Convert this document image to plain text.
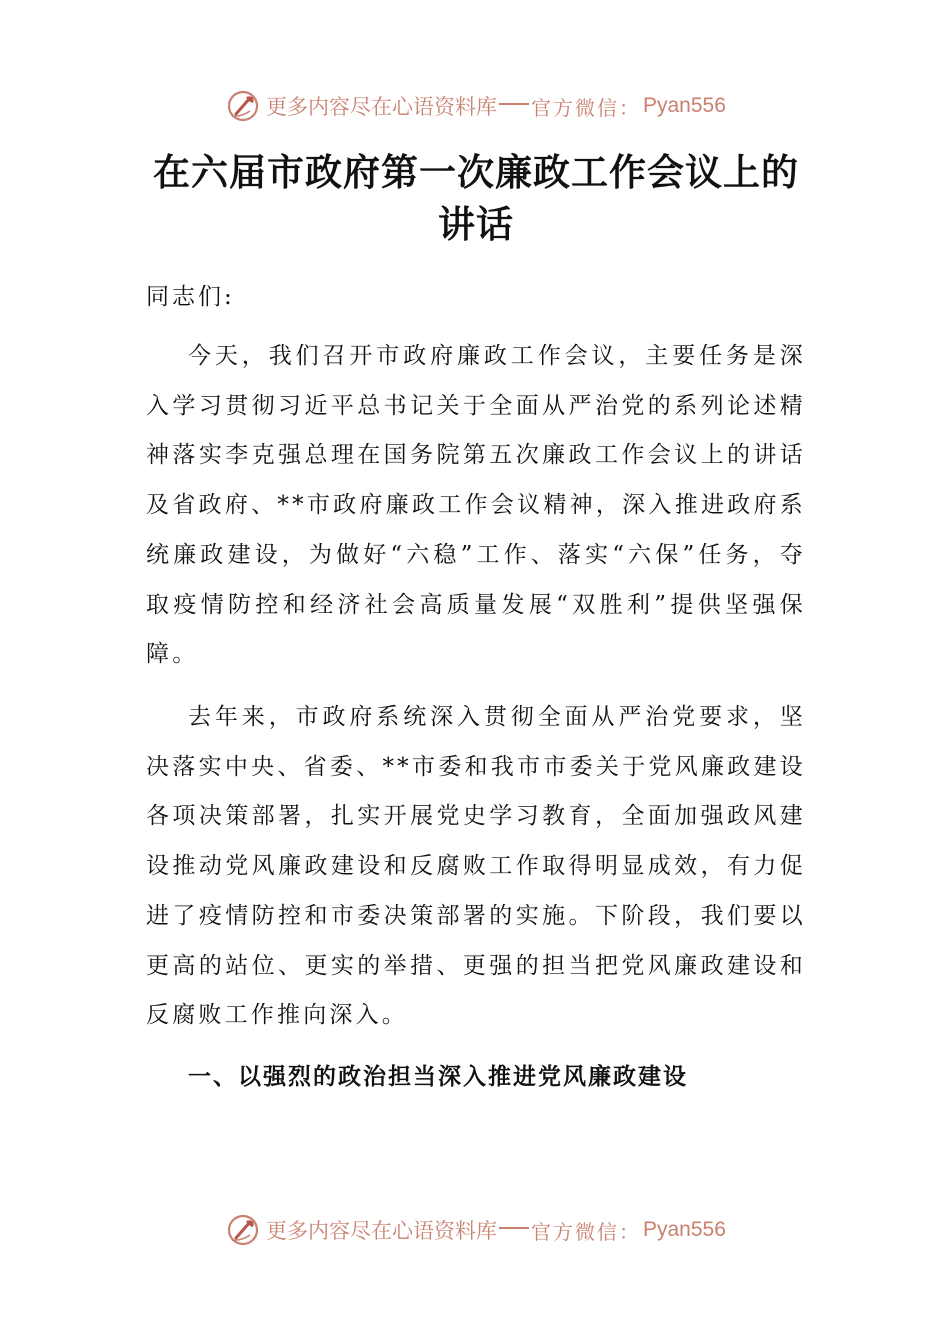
更多内容尽在心语资料库 官方微信： Pyan556
在六届市政府第一次廉政工作会议上的讲话
同志们:

今天，我们召开市政府廉政工作会议，主要任务是深入学习贯彻习近平总书记关于全面从严治党的系列论述精神落实李克强总理在国务院第五次廉政工作会议上的讲话及省政府、**市政府廉政工作会议精神，深入推进政府系统廉政建设，为做好“六稳”工作、落实“六保”任务，夺取疫情防控和经济社会高质量发展“双胜利”提供坚强保障。

去年来，市政府系统深入贯彻全面从严治党要求，坚决落实中央、省委、**市委和我市市委关于党风廉政建设各项决策部署，扎实开展党史学习教育，全面加强政风建设推动党风廉政建设和反腐败工作取得明显成效，有力促进了疫情防控和市委决策部署的实施。下阶段，我们要以更高的站位、更实的举措、更强的担当把党风廉政建设和反腐败工作推向深入。

一、以强烈的政治担当深入推进党风廉政建设
更多内容尽在心语资料库 官方微信： Pyan556
